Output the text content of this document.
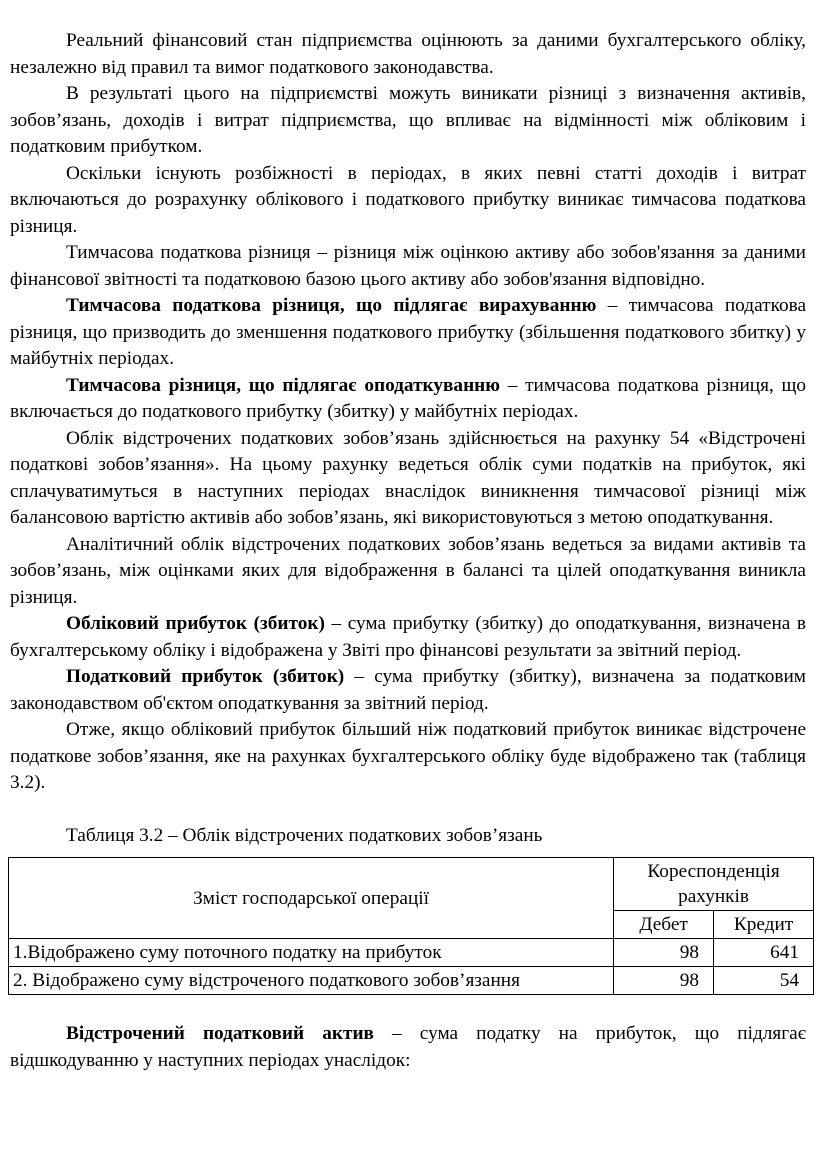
Реальний фінансовий стан підприємства оцінюють за даними бухгалтерського обліку, незалежно від правил та вимог податкового законодавства.

В результаті цього на підприємстві можуть виникати різниці з визначення активів, зобов’язань, доходів і витрат підприємства, що впливає на відмінності між обліковим і податковим прибутком.

Оскільки існують розбіжності в періодах, в яких певні статті доходів і витрат включаються до розрахунку облікового і податкового прибутку виникає тимчасова податкова різниця.

Тимчасова податкова різниця – різниця між оцінкою активу або зобов'язання за даними фінансової звітності та податковою базою цього активу або зобов'язання відповідно.

Тимчасова податкова різниця, що підлягає вирахуванню – тимчасова податкова різниця, що призводить до зменшення податкового прибутку (збільшення податкового збитку) у майбутніх періодах.

Тимчасова різниця, що підлягає оподаткуванню – тимчасова податкова різниця, що включається до податкового прибутку (збитку) у майбутніх періодах.

Облік відстрочених податкових зобов’язань здійснюється на рахунку 54 «Відстрочені податкові зобов’язання». На цьому рахунку ведеться облік суми податків на прибуток, які сплачуватимуться в наступних періодах внаслідок виникнення тимчасової різниці між балансовою вартістю активів або зобов’язань, які використовуються з метою оподаткування.

Аналітичний облік відстрочених податкових зобов’язань ведеться за видами активів та зобов’язань, між оцінками яких для відображення в балансі та цілей оподаткування виникла різниця.

Обліковий прибуток (збиток) – сума прибутку (збитку) до оподаткування, визначена в бухгалтерському обліку і відображена у Звіті про фінансові результати за звітний період.

Податковий прибуток (збиток) – сума прибутку (збитку), визначена за податковим законодавством об'єктом оподаткування за звітний період.

Отже, якщо обліковий прибуток більший ніж податковий прибуток виникає відстрочене податкове зобов’язання, яке на рахунках бухгалтерського обліку буде відображено так (таблиця 3.2).

Таблиця 3.2 – Облік відстрочених податкових зобов’язань

Зміст господарської операції	Кореспонденція рахунків	
	Дебет	Кредит
1.Відображено суму поточного податку на прибуток	98	641
2. Відображено суму відстроченого податкового зобов’язання	98	54

Відстрочений податковий актив – сума податку на прибуток, що підлягає відшкодуванню у наступних періодах унаслідок:
